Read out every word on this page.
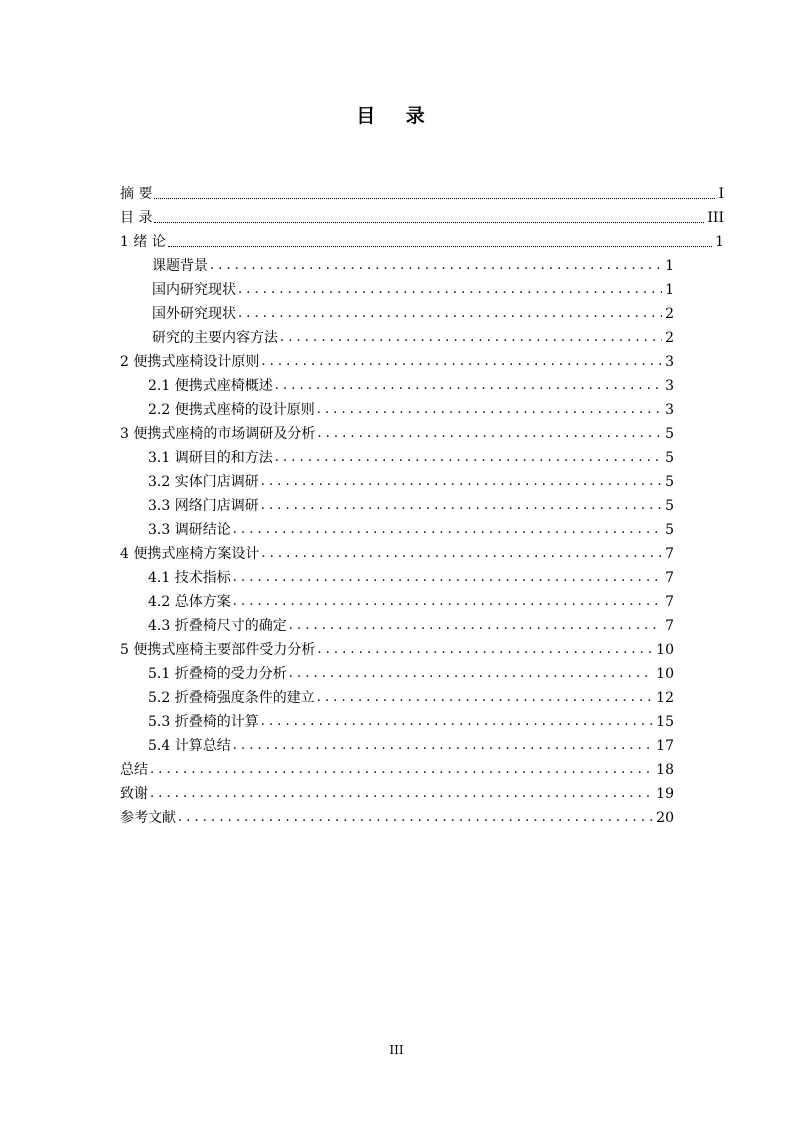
目 录
摘 要	I
目 录	III
1 绪 论	1
课题背景 . . .	1
国内研究现状 . . .	1
国外研究现状 . . .	2
研究的主要内容方法 . . .	2
2 便携式座椅设计原则 . . .	3
2.1 便携式座椅概述 . . .	3
2.2 便携式座椅的设计原则 . . .	3
3 便携式座椅的市场调研及分析 . . .	5
3.1 调研目的和方法 . . .	5
3.2 实体门店调研 . . .	5
3.3 网络门店调研 . . .	5
3.3 调研结论 . . .	5
4 便携式座椅方案设计 . . .	7
4.1 技术指标 . . .	7
4.2 总体方案 . . .	7
4.3 折叠椅尺寸的确定 . . .	7
5 便携式座椅主要部件受力分析 . . .	10
5.1 折叠椅的受力分析 . . .	10
5.2 折叠椅强度条件的建立 . . .	12
5.3 折叠椅的计算 . . .	15
5.4 计算总结 . . .	17
总结 . . .	18
致谢 . . .	19
参考文献 . . .	20
III
